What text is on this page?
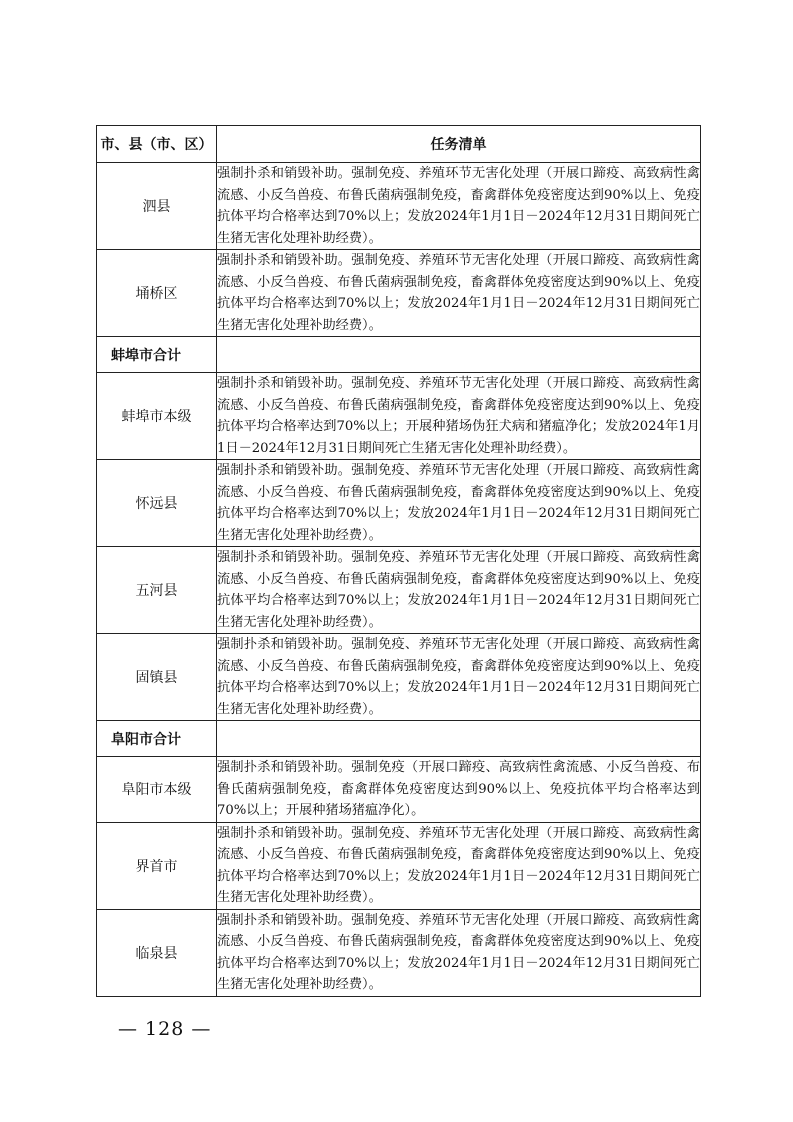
市、县（市、区）	任务清单
泗县	强制扑杀和销毁补助。强制免疫、养殖环节无害化处理（开展口蹄疫、高致病性禽流感、小反刍兽疫、布鲁氏菌病强制免疫，畜禽群体免疫密度达到90%以上、免疫抗体平均合格率达到70%以上；发放2024年1月1日－2024年12月31日期间死亡生猪无害化处理补助经费）。
埇桥区	强制扑杀和销毁补助。强制免疫、养殖环节无害化处理（开展口蹄疫、高致病性禽流感、小反刍兽疫、布鲁氏菌病强制免疫，畜禽群体免疫密度达到90%以上、免疫抗体平均合格率达到70%以上；发放2024年1月1日－2024年12月31日期间死亡生猪无害化处理补助经费）。
蚌埠市合计	
蚌埠市本级	强制扑杀和销毁补助。强制免疫、养殖环节无害化处理（开展口蹄疫、高致病性禽流感、小反刍兽疫、布鲁氏菌病强制免疫，畜禽群体免疫密度达到90%以上、免疫抗体平均合格率达到70%以上；开展种猪场伪狂犬病和猪瘟净化；发放2024年1月1日－2024年12月31日期间死亡生猪无害化处理补助经费）。
怀远县	强制扑杀和销毁补助。强制免疫、养殖环节无害化处理（开展口蹄疫、高致病性禽流感、小反刍兽疫、布鲁氏菌病强制免疫，畜禽群体免疫密度达到90%以上、免疫抗体平均合格率达到70%以上；发放2024年1月1日－2024年12月31日期间死亡生猪无害化处理补助经费）。
五河县	强制扑杀和销毁补助。强制免疫、养殖环节无害化处理（开展口蹄疫、高致病性禽流感、小反刍兽疫、布鲁氏菌病强制免疫，畜禽群体免疫密度达到90%以上、免疫抗体平均合格率达到70%以上；发放2024年1月1日－2024年12月31日期间死亡生猪无害化处理补助经费）。
固镇县	强制扑杀和销毁补助。强制免疫、养殖环节无害化处理（开展口蹄疫、高致病性禽流感、小反刍兽疫、布鲁氏菌病强制免疫，畜禽群体免疫密度达到90%以上、免疫抗体平均合格率达到70%以上；发放2024年1月1日－2024年12月31日期间死亡生猪无害化处理补助经费）。
阜阳市合计	
阜阳市本级	强制扑杀和销毁补助。强制免疫（开展口蹄疫、高致病性禽流感、小反刍兽疫、布鲁氏菌病强制免疫，畜禽群体免疫密度达到90%以上、免疫抗体平均合格率达到70%以上；开展种猪场猪瘟净化）。
界首市	强制扑杀和销毁补助。强制免疫、养殖环节无害化处理（开展口蹄疫、高致病性禽流感、小反刍兽疫、布鲁氏菌病强制免疫，畜禽群体免疫密度达到90%以上、免疫抗体平均合格率达到70%以上；发放2024年1月1日－2024年12月31日期间死亡生猪无害化处理补助经费）。
临泉县	强制扑杀和销毁补助。强制免疫、养殖环节无害化处理（开展口蹄疫、高致病性禽流感、小反刍兽疫、布鲁氏菌病强制免疫，畜禽群体免疫密度达到90%以上、免疫抗体平均合格率达到70%以上；发放2024年1月1日－2024年12月31日期间死亡生猪无害化处理补助经费）。
— 128 —
